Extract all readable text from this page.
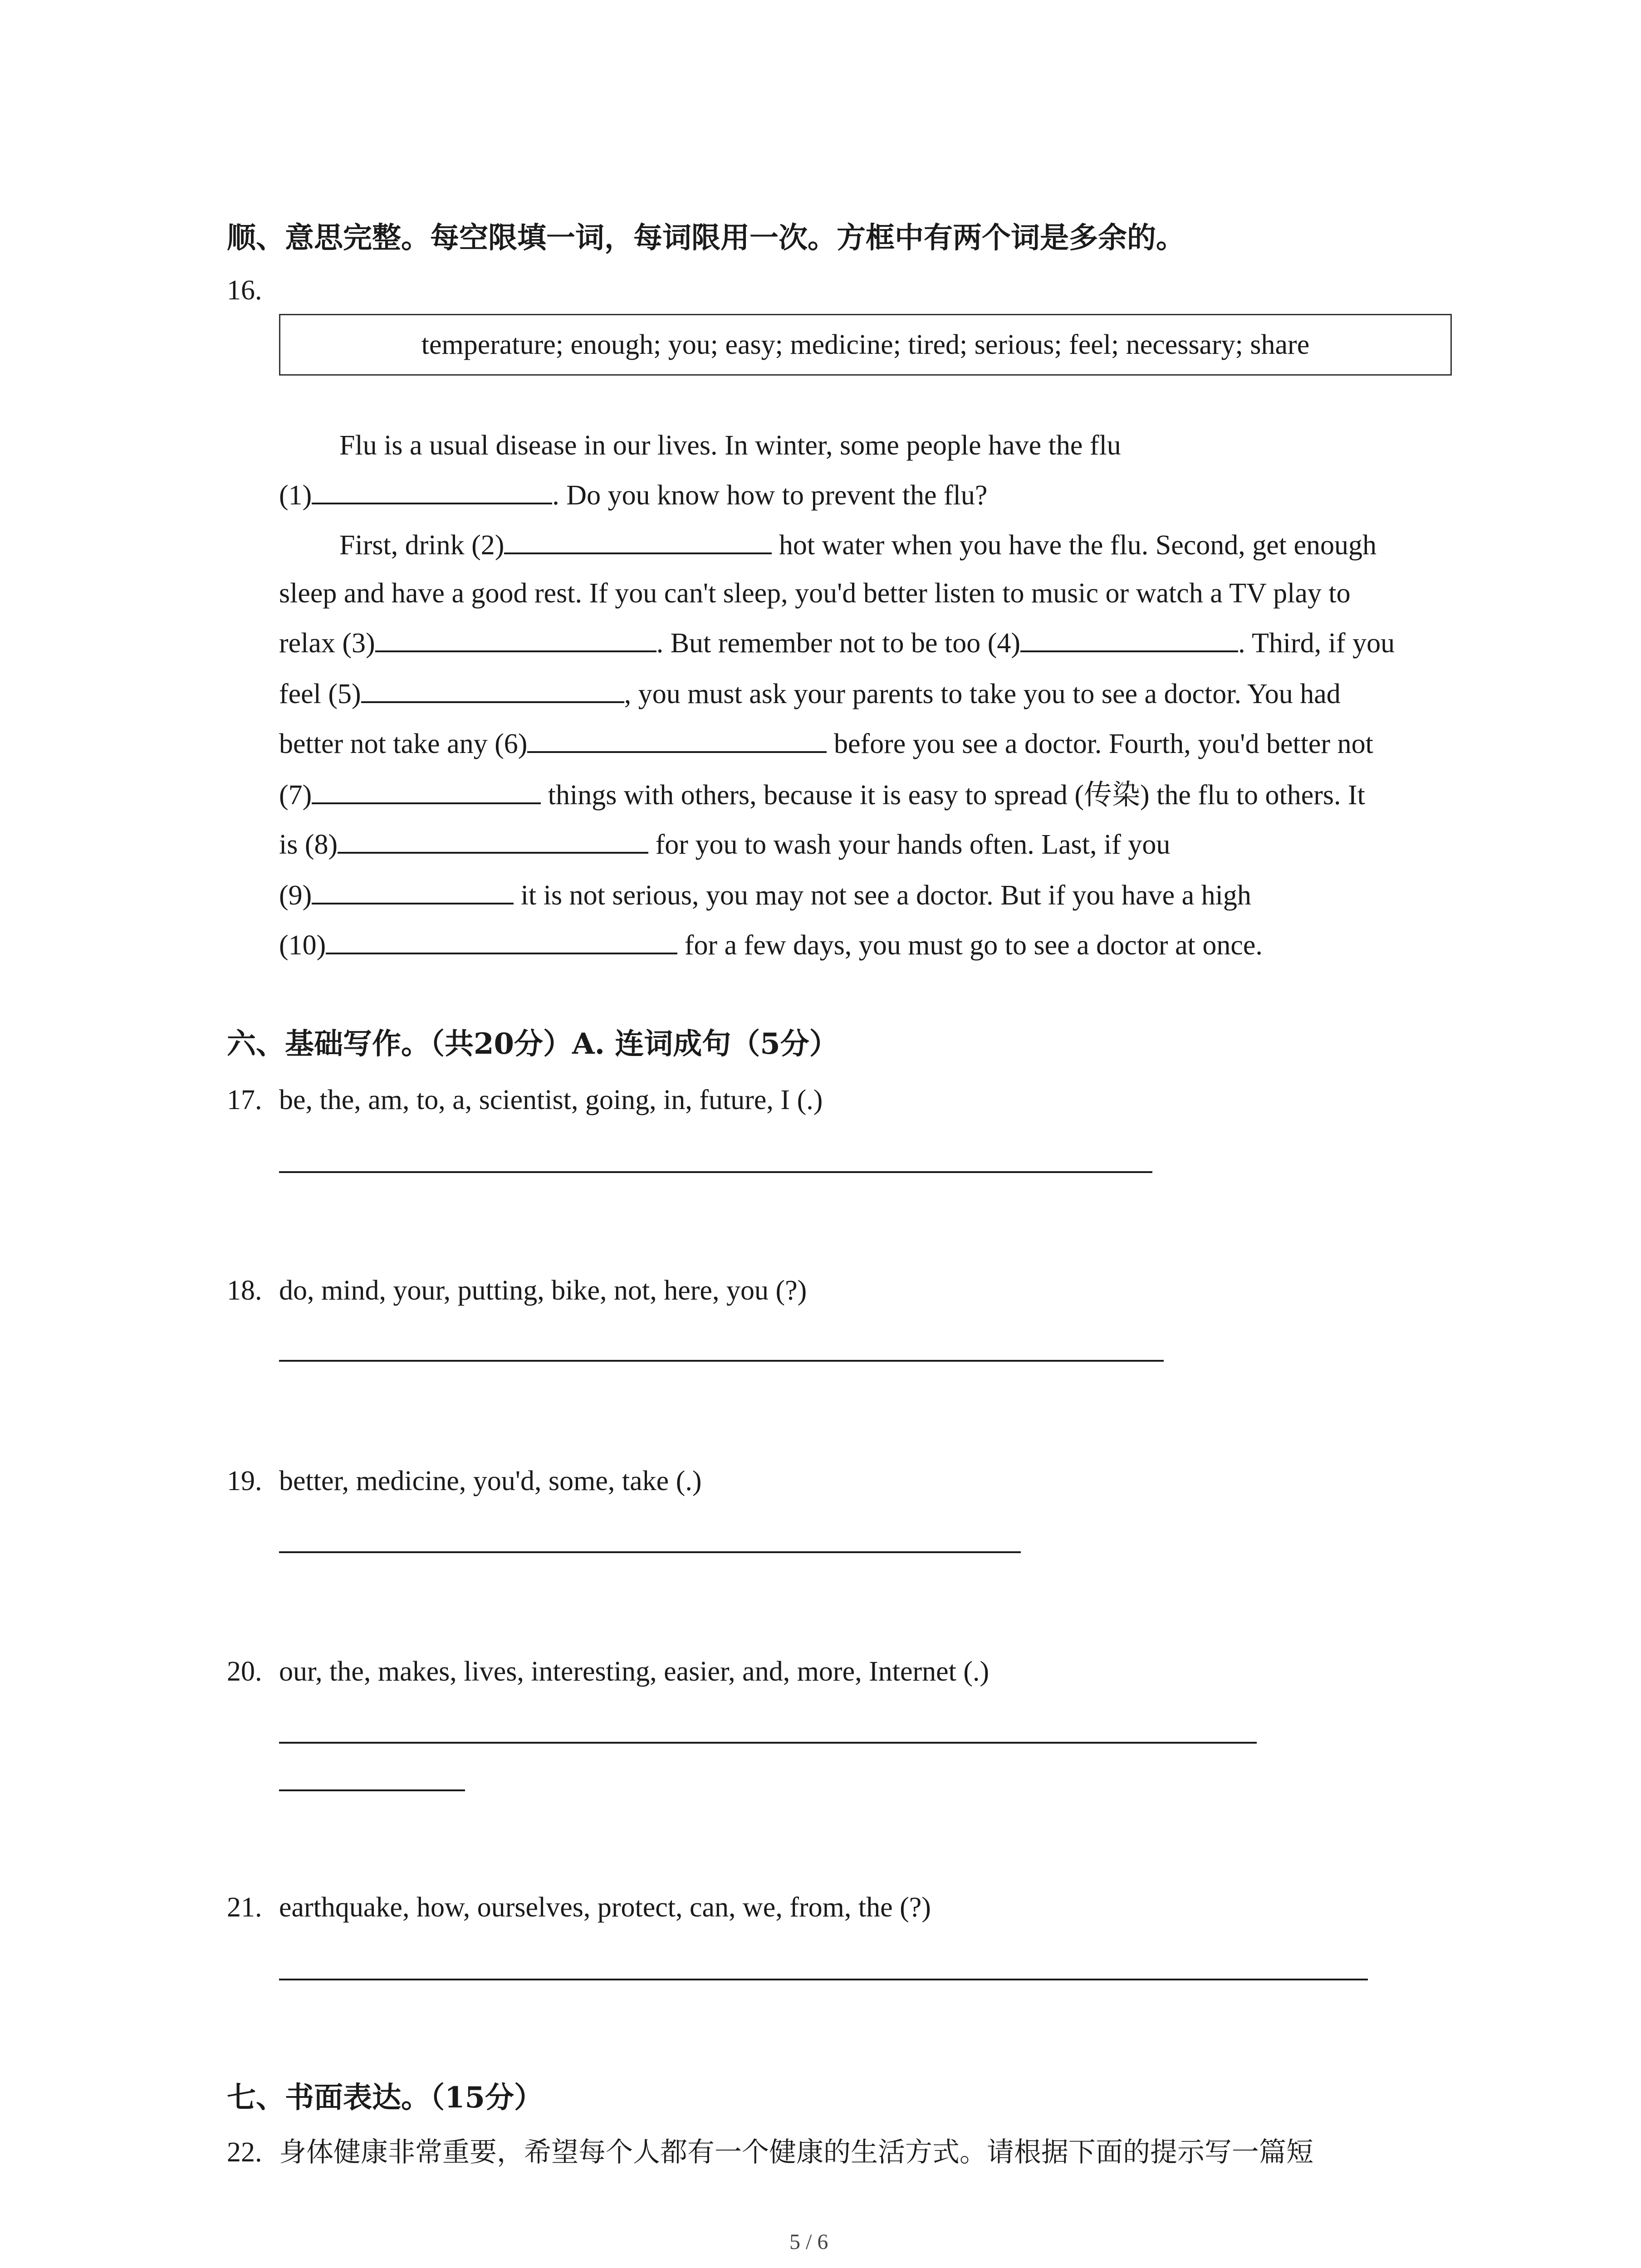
顺、意思完整。每空限填一词，每词限用一次。方框中有两个词是多余的。
16.
temperature; enough; you; easy; medicine; tired; serious; feel; necessary; share
Flu is a usual disease in our lives. In winter, some people have the flu
(1)	. Do you know how to prevent the flu?
First, drink (2)	hot water when you have the flu. Second, get enough
sleep and have a good rest. If you can't sleep, you'd better listen to music or watch a TV play to
relax (3)	. But remember not to be too (4)	. Third, if you
feel (5)	, you must ask your parents to take you to see a doctor. You had
better not take any (6)	before you see a doctor. Fourth, you'd better not
(7)	things with others, because it is easy to spread (传染) the flu to others. It
is (8)	for you to wash your hands often. Last, if you
(9)	it is not serious, you may not see a doctor. But if you have a high
(10)	for a few days, you must go to see a doctor at once.
六、基础写作。（共20分）A. 连词成句（5分）
17. be, the, am, to, a, scientist, going, in, future, I (.)
18. do, mind, your, putting, bike, not, here, you (?)
19. better, medicine, you'd, some, take (.)
20. our, the, makes, lives, interesting, easier, and, more, Internet (.)
21. earthquake, how, ourselves, protect, can, we, from, the (?)
七、书面表达。（15分）
22. 身体健康非常重要，希望每个人都有一个健康的生活方式。请根据下面的提示写一篇短
5 / 6
